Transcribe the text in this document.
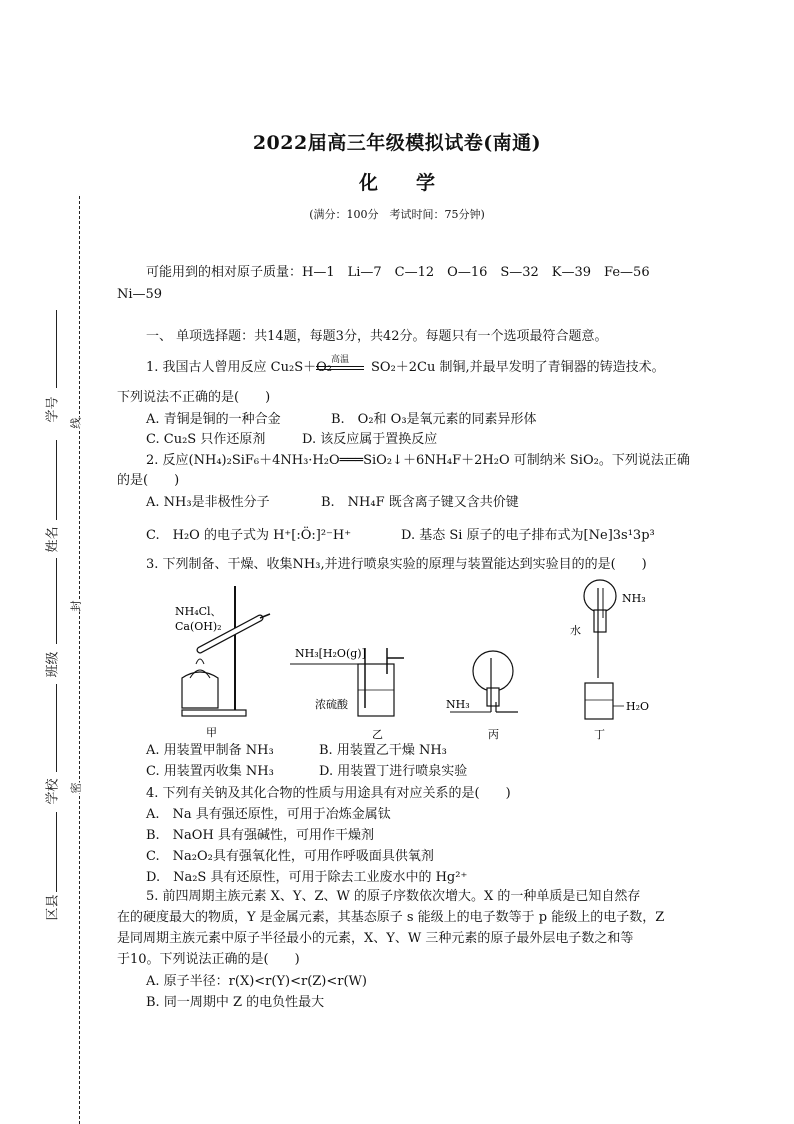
2022届高三年级模拟试卷(南通)
化　　学
(满分：100分　考试时间：75分钟)
学号
姓名
班级
学校
区县
线
封
密
可能用到的相对原子质量：H—1　Li—7　C—12　O—16　S—32　K—39　Fe—56
Ni—59
一、 单项选择题：共14题，每题3分，共42分。每题只有一个选项最符合题意。
1. 我国古人曾用反应 Cu₂S＋O₂ 高温	SO₂＋2Cu 制铜,并最早发明了青铜器的铸造技术。
下列说法不正确的是(　　)
A. 青铜是铜的一种合金	B.　O₂和 O₃是氧元素的同素异形体
C. Cu₂S 只作还原剂	D. 该反应属于置换反应
2. 反应(NH₄)₂SiF₆＋4NH₃·H₂O═══SiO₂↓＋6NH₄F＋2H₂O 可制纳米 SiO₂。下列说法正确
的是(　　)
A. NH₃是非极性分子	B.　NH₄F 既含离子键又含共价键
C.　H₂O 的电子式为 H⁺[:Ö:]²⁻H⁺	D. 基态 Si 原子的电子排布式为[Ne]3s¹3p³
3. 下列制备、干燥、收集NH₃,并进行喷泉实验的原理与装置能达到实验目的的是(　　)
NH₄Cl、
Ca(OH)₂
NH₃[H₂O(g)]
浓硫酸	NH₃
NH₃
水
H₂O
甲	乙	丙	丁
A. 用装置甲制备 NH₃	B. 用装置乙干燥 NH₃
C. 用装置丙收集 NH₃	D. 用装置丁进行喷泉实验
4. 下列有关钠及其化合物的性质与用途具有对应关系的是(　　)
A.　Na 具有强还原性，可用于冶炼金属钛
B.　NaOH 具有强碱性，可用作干燥剂
C.　Na₂O₂具有强氧化性，可用作呼吸面具供氧剂
D.　Na₂S 具有还原性，可用于除去工业废水中的 Hg²⁺
5. 前四周期主族元素 X、Y、Z、W 的原子序数依次增大。X 的一种单质是已知自然存
在的硬度最大的物质，Y 是金属元素，其基态原子 s 能级上的电子数等于 p 能级上的电子数，Z
是同周期主族元素中原子半径最小的元素，X、Y、W 三种元素的原子最外层电子数之和等
于10。下列说法正确的是(　　)
A. 原子半径：r(X)<r(Y)<r(Z)<r(W)
B. 同一周期中 Z 的电负性最大
